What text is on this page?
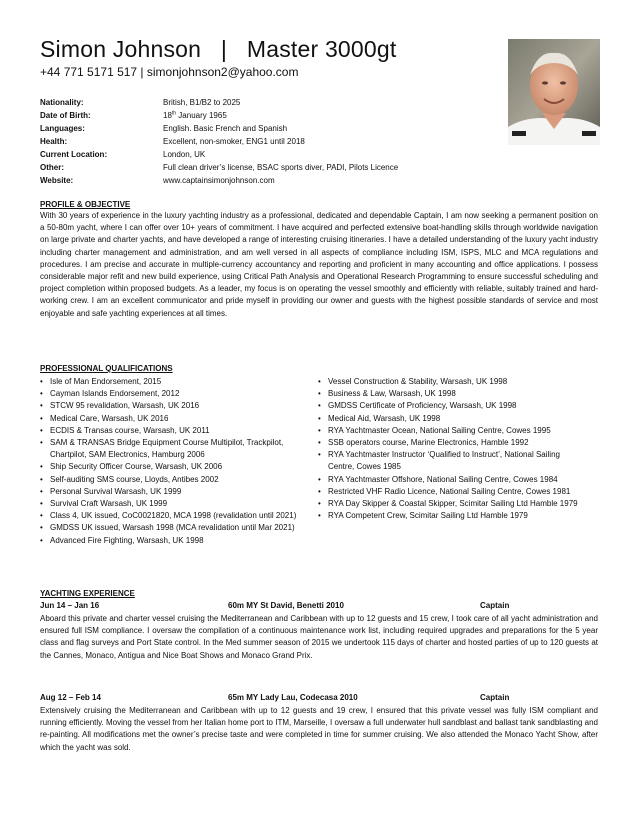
Simon Johnson   |   Master 3000gt
+44 771 5171 517 | simonjohnson2@yahoo.com
Nationality:	British, B1/B2 to 2025
Date of Birth:	18th January 1965
Languages:	English. Basic French and Spanish
Health:	Excellent, non-smoker, ENG1 until 2018
Current Location:	London, UK
Other:	Full clean driver’s license, BSAC sports diver, PADI, Pilots Licence
Website:	www.captainsimonjohnson.com
PROFILE & OBJECTIVE
With 30 years of experience in the luxury yachting industry as a professional, dedicated and dependable Captain, I am now seeking a permanent position on a 50-80m yacht, where I can offer over 10+ years of commitment. I have acquired and perfected extensive boat-handling skills through worldwide navigation on large private and charter yachts, and have developed a range of interesting cruising itineraries. I have a detailed understanding of the luxury yacht industry including charter management and administration, and am well versed in all aspects of compliance including ISM, ISPS, MLC and MCA regulations and procedures. I am precise and accurate in multiple-currency accountancy and reporting and proficient in many accounting and office applications. I possess considerable major refit and new build experience, using Critical Path Analysis and Operational Research Programming to ensure successful scheduling and project completion within proposed budgets. As a leader, my focus is on operating the vessel smoothly and efficiently with reliable, suitably trained and hard-working crew. I am an excellent communicator and pride myself in providing our owner and guests with the highest possible standards of service and most enjoyable and safe yachting experiences at all times.
PROFESSIONAL QUALIFICATIONS
• Isle of Man Endorsement, 2015
• Cayman Islands Endorsement, 2012
• STCW 95 revalidation, Warsash, UK 2016
• Medical Care, Warsash, UK 2016
• ECDIS & Transas course, Warsash, UK 2011
• SAM & TRANSAS Bridge Equipment Course Multipilot, Trackpilot, Chartpilot, SAM Electronics, Hamburg 2006
• Ship Security Officer Course, Warsash, UK 2006
• Self-auditing SMS course, Lloyds, Antibes 2002
• Personal Survival Warsash, UK 1999
• Survival Craft Warsash, UK 1999
• Class 4, UK issued, CoC0021820, MCA 1998 (revalidation until 2021)
• GMDSS UK issued, Warsash 1998 (MCA revalidation until Mar 2021)
• Advanced Fire Fighting, Warsash, UK 1998
• Vessel Construction & Stability, Warsash, UK 1998
• Business & Law, Warsash, UK 1998
• GMDSS Certificate of Proficiency, Warsash, UK 1998
• Medical Aid, Warsash, UK 1998
• RYA Yachtmaster Ocean, National Sailing Centre, Cowes 1995
• SSB operators course, Marine Electronics, Hamble 1992
• RYA Yachtmaster Instructor ‘Qualified to Instruct’, National Sailing Centre, Cowes 1985
• RYA Yachtmaster Offshore, National Sailing Centre, Cowes 1984
• Restricted VHF Radio Licence, National Sailing Centre, Cowes 1981
• RYA Day Skipper & Coastal Skipper, Scimitar Sailing Ltd Hamble 1979
• RYA Competent Crew, Scimitar Sailing Ltd Hamble 1979
YACHTING EXPERIENCE
Jun 14 – Jan 16	60m MY St David, Benetti 2010	Captain
Aboard this private and charter vessel cruising the Mediterranean and Caribbean with up to 12 guests and 15 crew, I took care of all yacht administration and ensured full ISM compliance. I oversaw the compilation of a continuous maintenance work list, including required upgrades and preparations for the 5 year class and flag surveys and Port State control. In the Med summer season of 2015 we undertook 115 days of charter and hosted parties of up to 120 guests at the Cannes, Monaco, Antigua and Nice Boat Shows and Monaco Grand Prix.
Aug 12 – Feb 14	65m MY Lady Lau, Codecasa 2010	Captain
Extensively cruising the Mediterranean and Caribbean with up to 12 guests and 19 crew, I ensured that this private vessel was fully ISM compliant and running efficiently. Moving the vessel from her Italian home port to ITM, Marseille, I oversaw a full underwater hull sandblast and ballast tank sandblasting and re-painting. All modifications met the owner’s precise taste and were completed in time for summer cruising. We also attended the Monaco Yacht Show, after which the yacht was sold.
